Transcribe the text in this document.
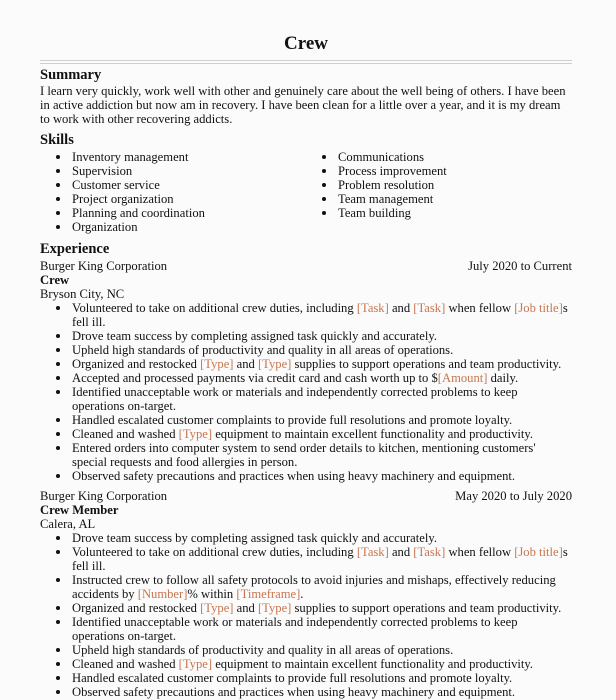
Crew
Summary

I learn very quickly, work well with other and genuinely care about the well being of others. I have been in active addiction but now am in recovery. I have been clean for a little over a year, and it is my dream to work with other recovering addicts.

Skills
Inventory management
Supervision
Customer service
Project organization
Planning and coordination
Organization
Communications
Process improvement
Problem resolution
Team management
Team building
Experience
Burger King Corporation	July 2020 to Current
Crew
Bryson City, NC
Volunteered to take on additional crew duties, including [Task] and [Task] when fellow [Job title]s fell ill.
Drove team success by completing assigned task quickly and accurately.
Upheld high standards of productivity and quality in all areas of operations.
Organized and restocked [Type] and [Type] supplies to support operations and team productivity.
Accepted and processed payments via credit card and cash worth up to $[Amount] daily.
Identified unacceptable work or materials and independently corrected problems to keep operations on-target.
Handled escalated customer complaints to provide full resolutions and promote loyalty.
Cleaned and washed [Type] equipment to maintain excellent functionality and productivity.
Entered orders into computer system to send order details to kitchen, mentioning customers' special requests and food allergies in person.
Observed safety precautions and practices when using heavy machinery and equipment.
Burger King Corporation	May 2020 to July 2020
Crew Member
Calera, AL
Drove team success by completing assigned task quickly and accurately.
Volunteered to take on additional crew duties, including [Task] and [Task] when fellow [Job title]s fell ill.
Instructed crew to follow all safety protocols to avoid injuries and mishaps, effectively reducing accidents by [Number]% within [Timeframe].
Organized and restocked [Type] and [Type] supplies to support operations and team productivity.
Identified unacceptable work or materials and independently corrected problems to keep operations on-target.
Upheld high standards of productivity and quality in all areas of operations.
Cleaned and washed [Type] equipment to maintain excellent functionality and productivity.
Handled escalated customer complaints to provide full resolutions and promote loyalty.
Observed safety precautions and practices when using heavy machinery and equipment.
